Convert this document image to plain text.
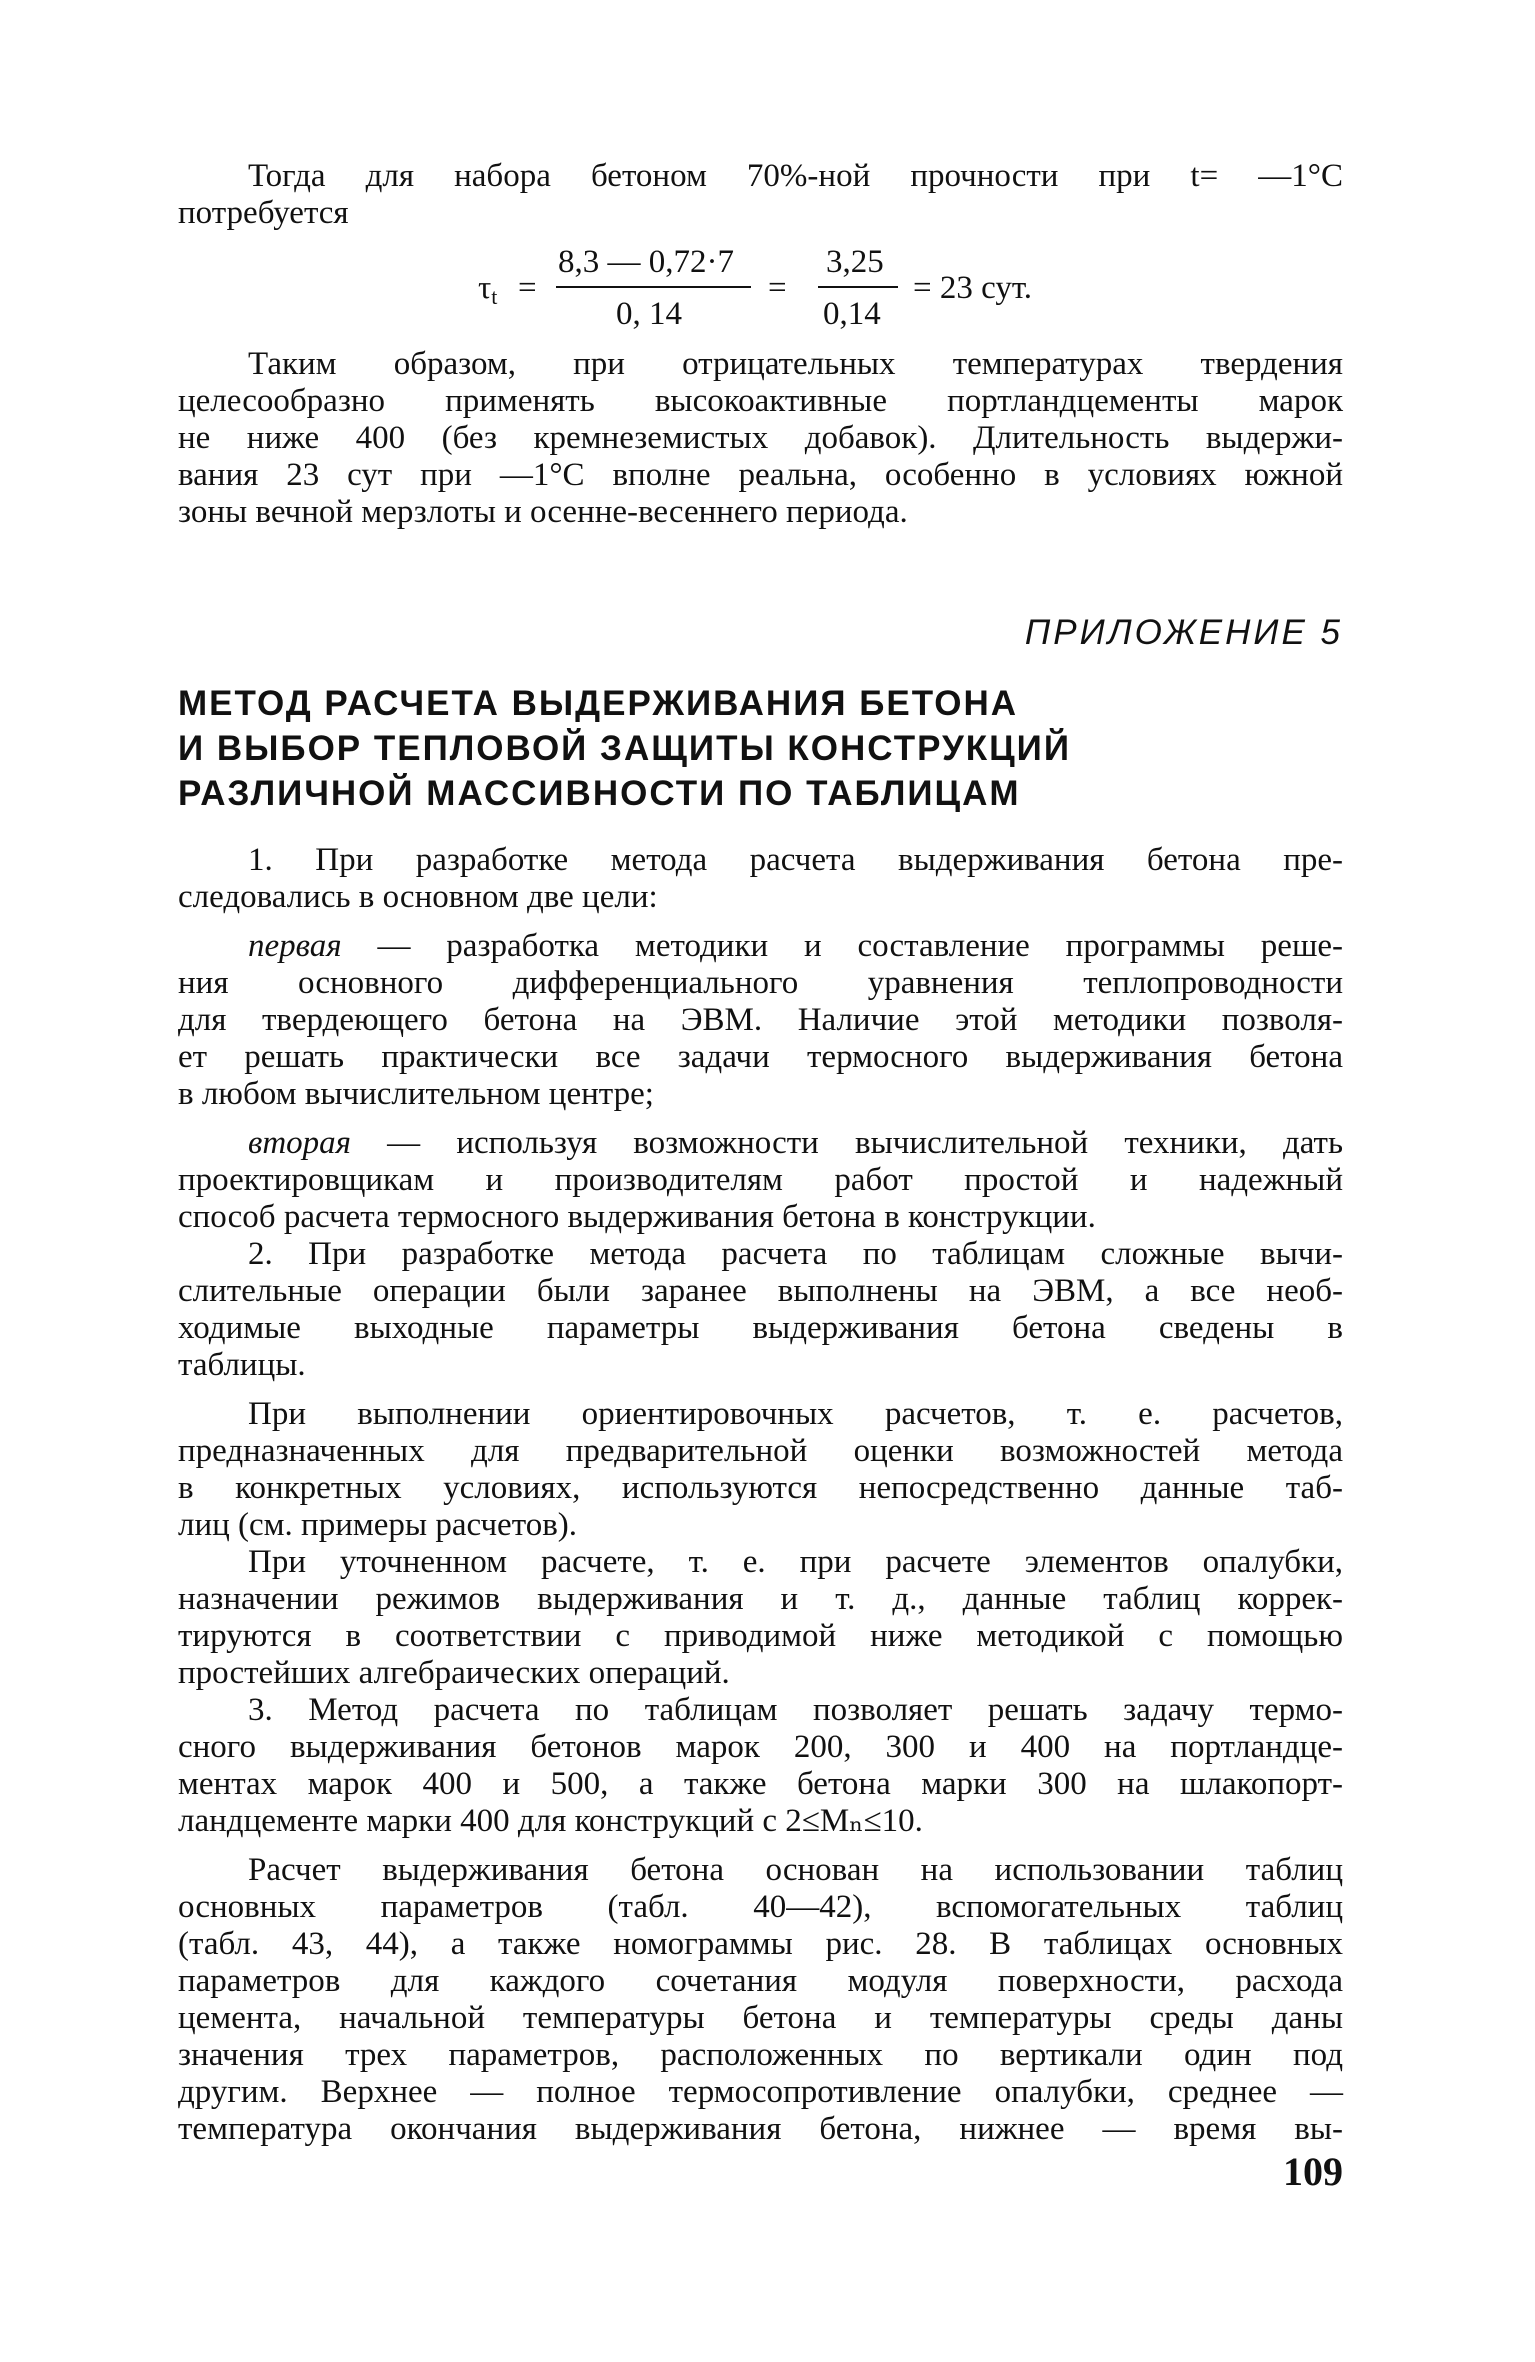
Тогда для набора бетоном 70%-ной прочности при t= —1°C
потребуется
$\tau_t$ =
8,3 — 0,72·7
0, 14
=
3,25
0,14
= 23 сут.
Таким образом, при отрицательных температурах твердения
целесообразно применять высокоактивные портландцементы марок
не ниже 400 (без кремнеземистых добавок). Длительность выдержи-
вания 23 сут при —1°С вполне реальна, особенно в условиях южной
зоны вечной мерзлоты и осенне-весеннего периода.
ПРИЛОЖЕНИЕ 5
МЕТОД РАСЧЕТА ВЫДЕРЖИВАНИЯ БЕТОНА
И ВЫБОР ТЕПЛОВОЙ ЗАЩИТЫ КОНСТРУКЦИЙ
РАЗЛИЧНОЙ МАССИВНОСТИ ПО ТАБЛИЦАМ
1. При разработке метода расчета выдерживания бетона пре-
следовались в основном две цели:
первая — разработка методики и составление программы реше-
ния основного дифференциального уравнения теплопроводности
для твердеющего бетона на ЭВМ. Наличие этой методики позволя-
ет решать практически все задачи термосного выдерживания бетона
в любом вычислительном центре;
вторая — используя возможности вычислительной техники, дать
проектировщикам и производителям работ простой и надежный
способ расчета термосного выдерживания бетона в конструкции.
2. При разработке метода расчета по таблицам сложные вычи-
слительные операции были заранее выполнены на ЭВМ, а все необ-
ходимые выходные параметры выдерживания бетона сведены в
таблицы.
При выполнении ориентировочных расчетов, т. е. расчетов,
предназначенных для предварительной оценки возможностей метода
в конкретных условиях, используются непосредственно данные таб-
лиц (см. примеры расчетов).
При уточненном расчете, т. е. при расчете элементов опалубки,
назначении режимов выдерживания и т. д., данные таблиц коррек-
тируются в соответствии с приводимой ниже методикой с помощью
простейших алгебраических операций.
3. Метод расчета по таблицам позволяет решать задачу термо-
сного выдерживания бетонов марок 200, 300 и 400 на портландце-
ментах марок 400 и 500, а также бетона марки 300 на шлакопорт-
ландцементе марки 400 для конструкций с 2≤Mₙ≤10.
Расчет выдерживания бетона основан на использовании таблиц
основных параметров (табл. 40—42), вспомогательных таблиц
(табл. 43, 44), а также номограммы рис. 28. В таблицах основных
параметров для каждого сочетания модуля поверхности, расхода
цемента, начальной температуры бетона и температуры среды даны
значения трех параметров, расположенных по вертикали один под
другим. Верхнее — полное термосопротивление опалубки, среднее —
температура окончания выдерживания бетона, нижнее — время вы-
109
